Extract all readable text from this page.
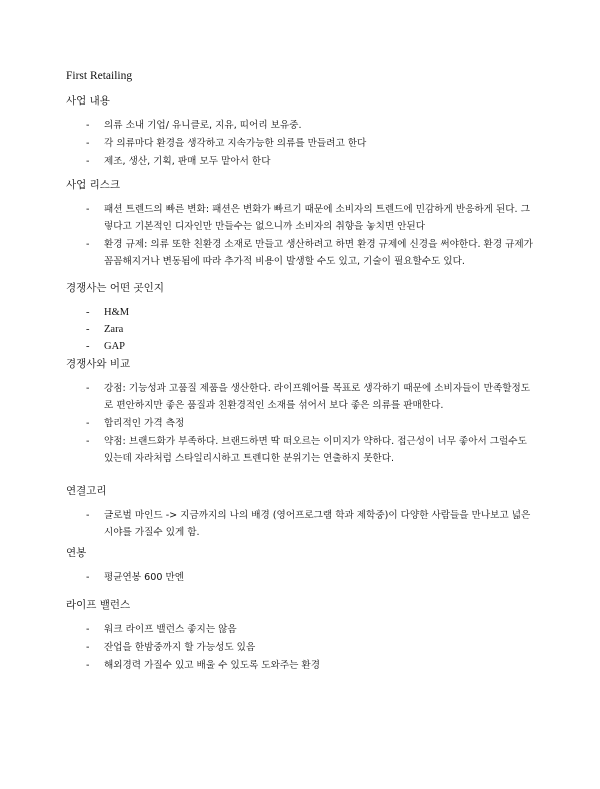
First Retailing
사업 내용
- 의류 소내 기업/ 유니클로, 지유, 띠어리 보유중.
- 각 의류마다 환경을 생각하고 지속가능한 의류를 만들려고 한다
- 제조, 생산, 기획, 판매 모두 맡아서 한다
사업 리스크
- 패션 트렌드의 빠른 변화: 패션은 변화가 빠르기 때문에 소비자의 트렌드에 민감하게 반응하게 된다. 그렇다고 기본적인 디자인만 만들수는 없으니까 소비자의 취향을 놓치면 안된다
- 환경 규제: 의류 또한 친환경 소재로 만들고 생산하려고 하면 환경 규제에 신경을 써야한다. 환경 규제가 꼼꼼해지거나 변동됨에 따라 추가적 비용이 발생할 수도 있고, 기술이 필요할수도 있다.
경쟁사는 어떤 곳인지
- H&M
- Zara
- GAP
경쟁사와 비교
- 강점: 기능성과 고품질 제품을 생산한다. 라이프웨어를 목표로 생각하기 때문에 소비자들이 만족할정도로 편안하지만 좋은 품질과 친환경적인 소재를 섞어서 보다 좋은 의류를 판매한다.
- 합리적인 가격 측정
- 약점: 브랜드화가 부족하다. 브랜드하면 딱 떠오르는 이미지가 약하다. 접근성이 너무 좋아서 그럴수도 있는데 자라처럼 스타일리시하고 트렌디한 분위기는 연출하지 못한다.
연결고리
- 글로벌 마인드 -> 지금까지의 나의 배경 (영어프로그램 학과 제학중)이 다양한 사람들을 만나보고 넓은 시야를 가질수 있게 함.
연봉
- 평균연봉 600 만엔
라이프 밸런스
- 워크 라이프 밸런스 좋지는 않음
- 잔업을 한밤중까지 할 가능성도 있음
- 해외경력 가질수 있고 배울 수 있도록 도와주는 환경
